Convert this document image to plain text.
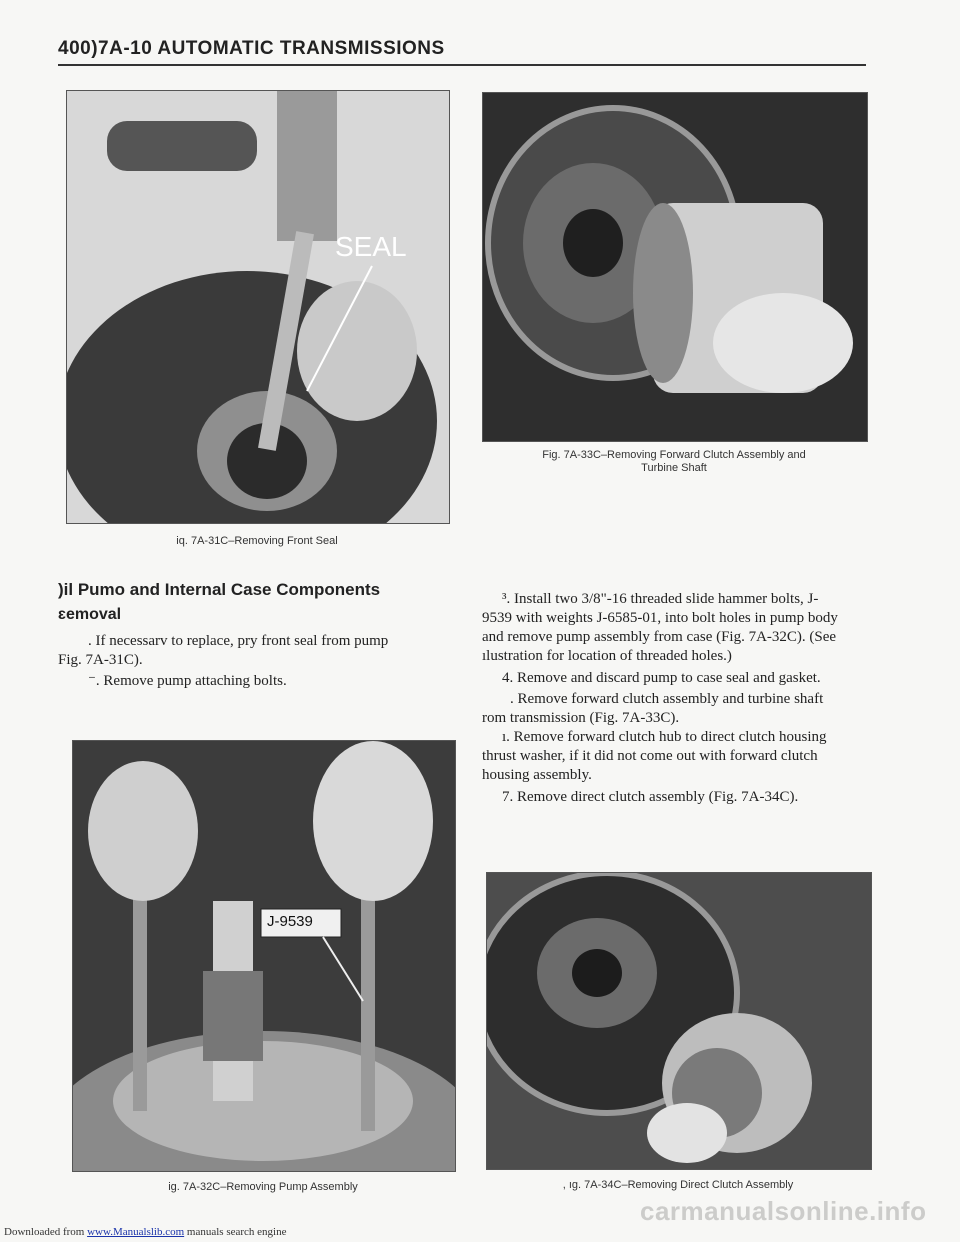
400)7A-10 AUTOMATIC TRANSMISSIONS
SEAL
iq. 7A-31C–Removing Front Seal
Fig. 7A-33C–Removing Forward Clutch Assembly and
Turbine Shaft
)il Pumo and Internal Case Components
ɛemoval
. If necessarv to replace, pry front seal from pump
Fig. 7A-31C).
⁻. Remove pump attaching bolts.
³. Install two 3/8"-16 threaded slide hammer bolts, J-
9539 with weights J-6585-01, into bolt holes in pump body
and remove pump assembly from case (Fig. 7A-32C). (See
ılustration for location of threaded holes.)
4. Remove and discard pump to case seal and gasket.
. Remove forward clutch assembly and turbine shaft
rom transmission (Fig. 7A-33C).
ı. Remove forward clutch hub to direct clutch housing
thrust washer, if it did not come out with forward clutch
housing assembly.
7. Remove direct clutch assembly (Fig. 7A-34C).
J-9539
ig. 7A-32C–Removing Pump Assembly	, ıg. 7A-34C–Removing Direct Clutch Assembly
Downloaded from www.Manualslib.com manuals search engine
carmanualsonline.info
